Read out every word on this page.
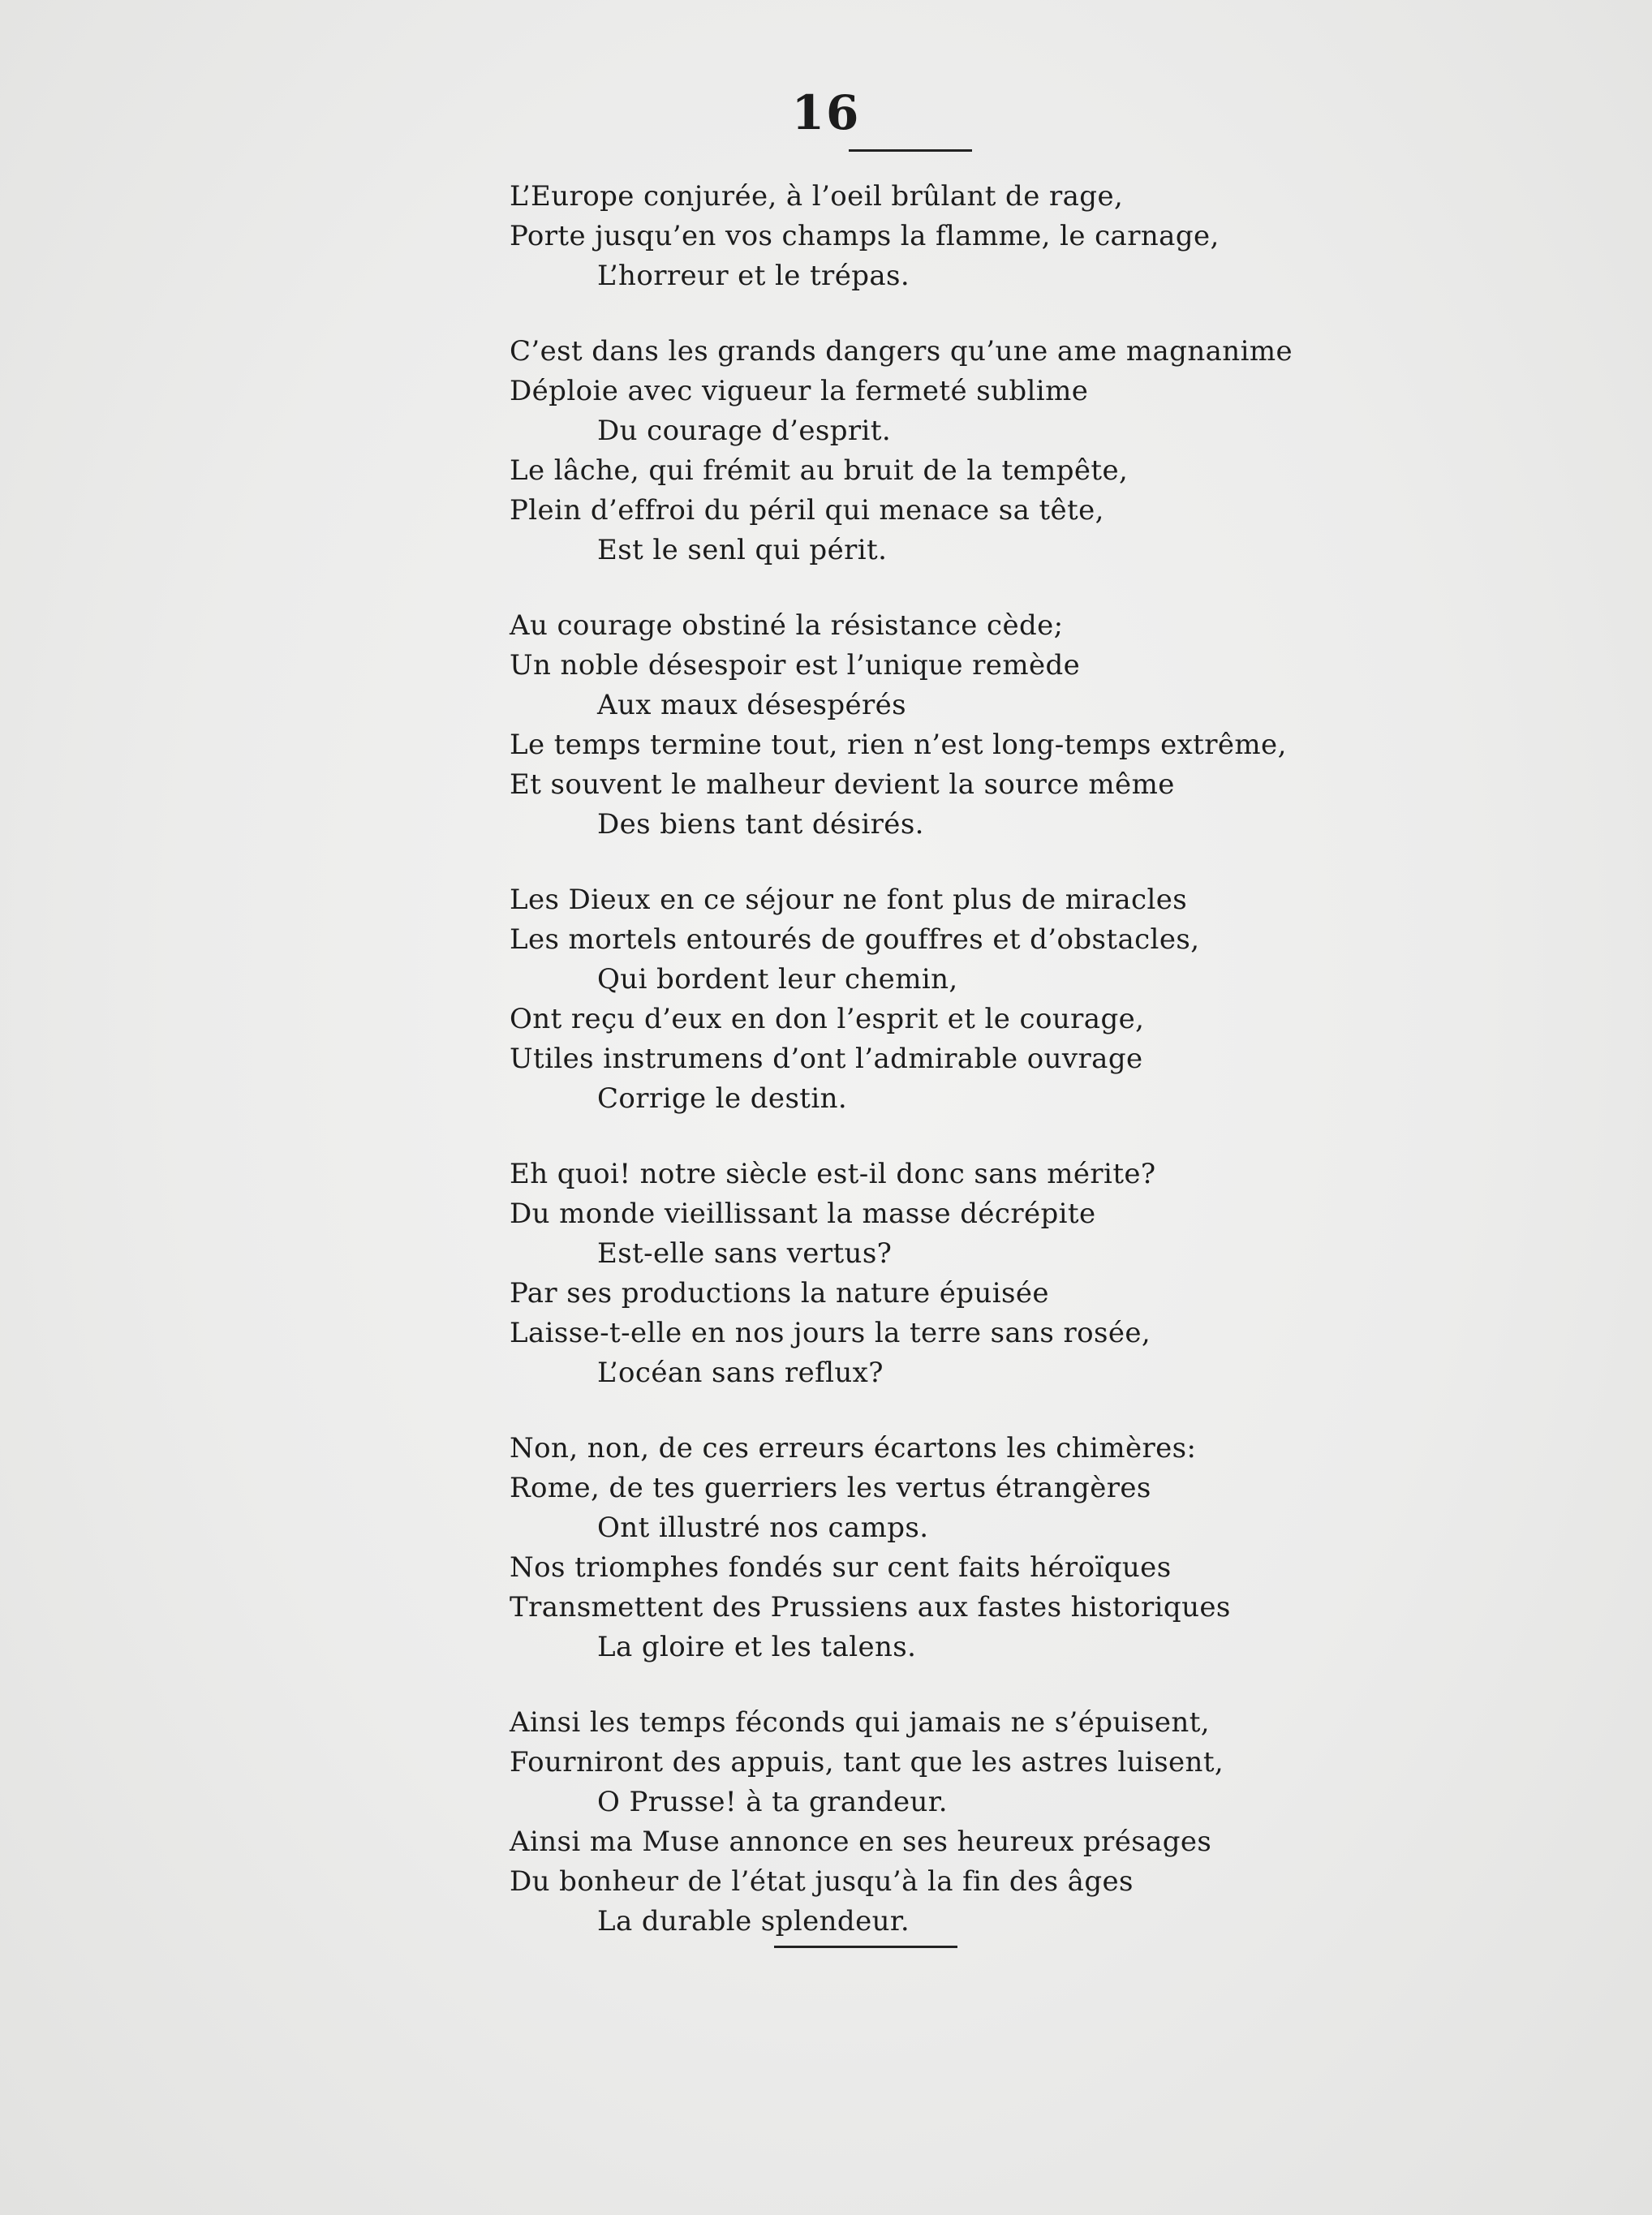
16
L’Europe conjurée, à l’oeil brûlant de rage,
Porte jusqu’en vos champs la flamme, le carnage,
L’horreur et le trépas.
C’est dans les grands dangers qu’une ame magnanime
Déploie avec vigueur la fermeté sublime
Du courage d’esprit.
Le lâche, qui frémit au bruit de la tempête,
Plein d’effroi du péril qui menace sa tête,
Est le senl qui périt.
Au courage obstiné la résistance cède;
Un noble désespoir est l’unique remède
Aux maux désespérés
Le temps termine tout, rien n’est long-temps extrême,
Et souvent le malheur devient la source même
Des biens tant désirés.
Les Dieux en ce séjour ne font plus de miracles
Les mortels entourés de gouffres et d’obstacles,
Qui bordent leur chemin,
Ont reçu d’eux en don l’esprit et le courage,
Utiles instrumens d’ont l’admirable ouvrage
Corrige le destin.
Eh quoi! notre siècle est-il donc sans mérite?
Du monde vieillissant la masse décrépite
Est-elle sans vertus?
Par ses productions la nature épuisée
Laisse-t-elle en nos jours la terre sans rosée,
L’océan sans reflux?
Non, non, de ces erreurs écartons les chimères:
Rome, de tes guerriers les vertus étrangères
Ont illustré nos camps.
Nos triomphes fondés sur cent faits héroïques
Transmettent des Prussiens aux fastes historiques
La gloire et les talens.
Ainsi les temps féconds qui jamais ne s’épuisent,
Fourniront des appuis, tant que les astres luisent,
O Prusse! à ta grandeur.
Ainsi ma Muse annonce en ses heureux présages
Du bonheur de l’état jusqu’à la fin des âges
La durable splendeur.
